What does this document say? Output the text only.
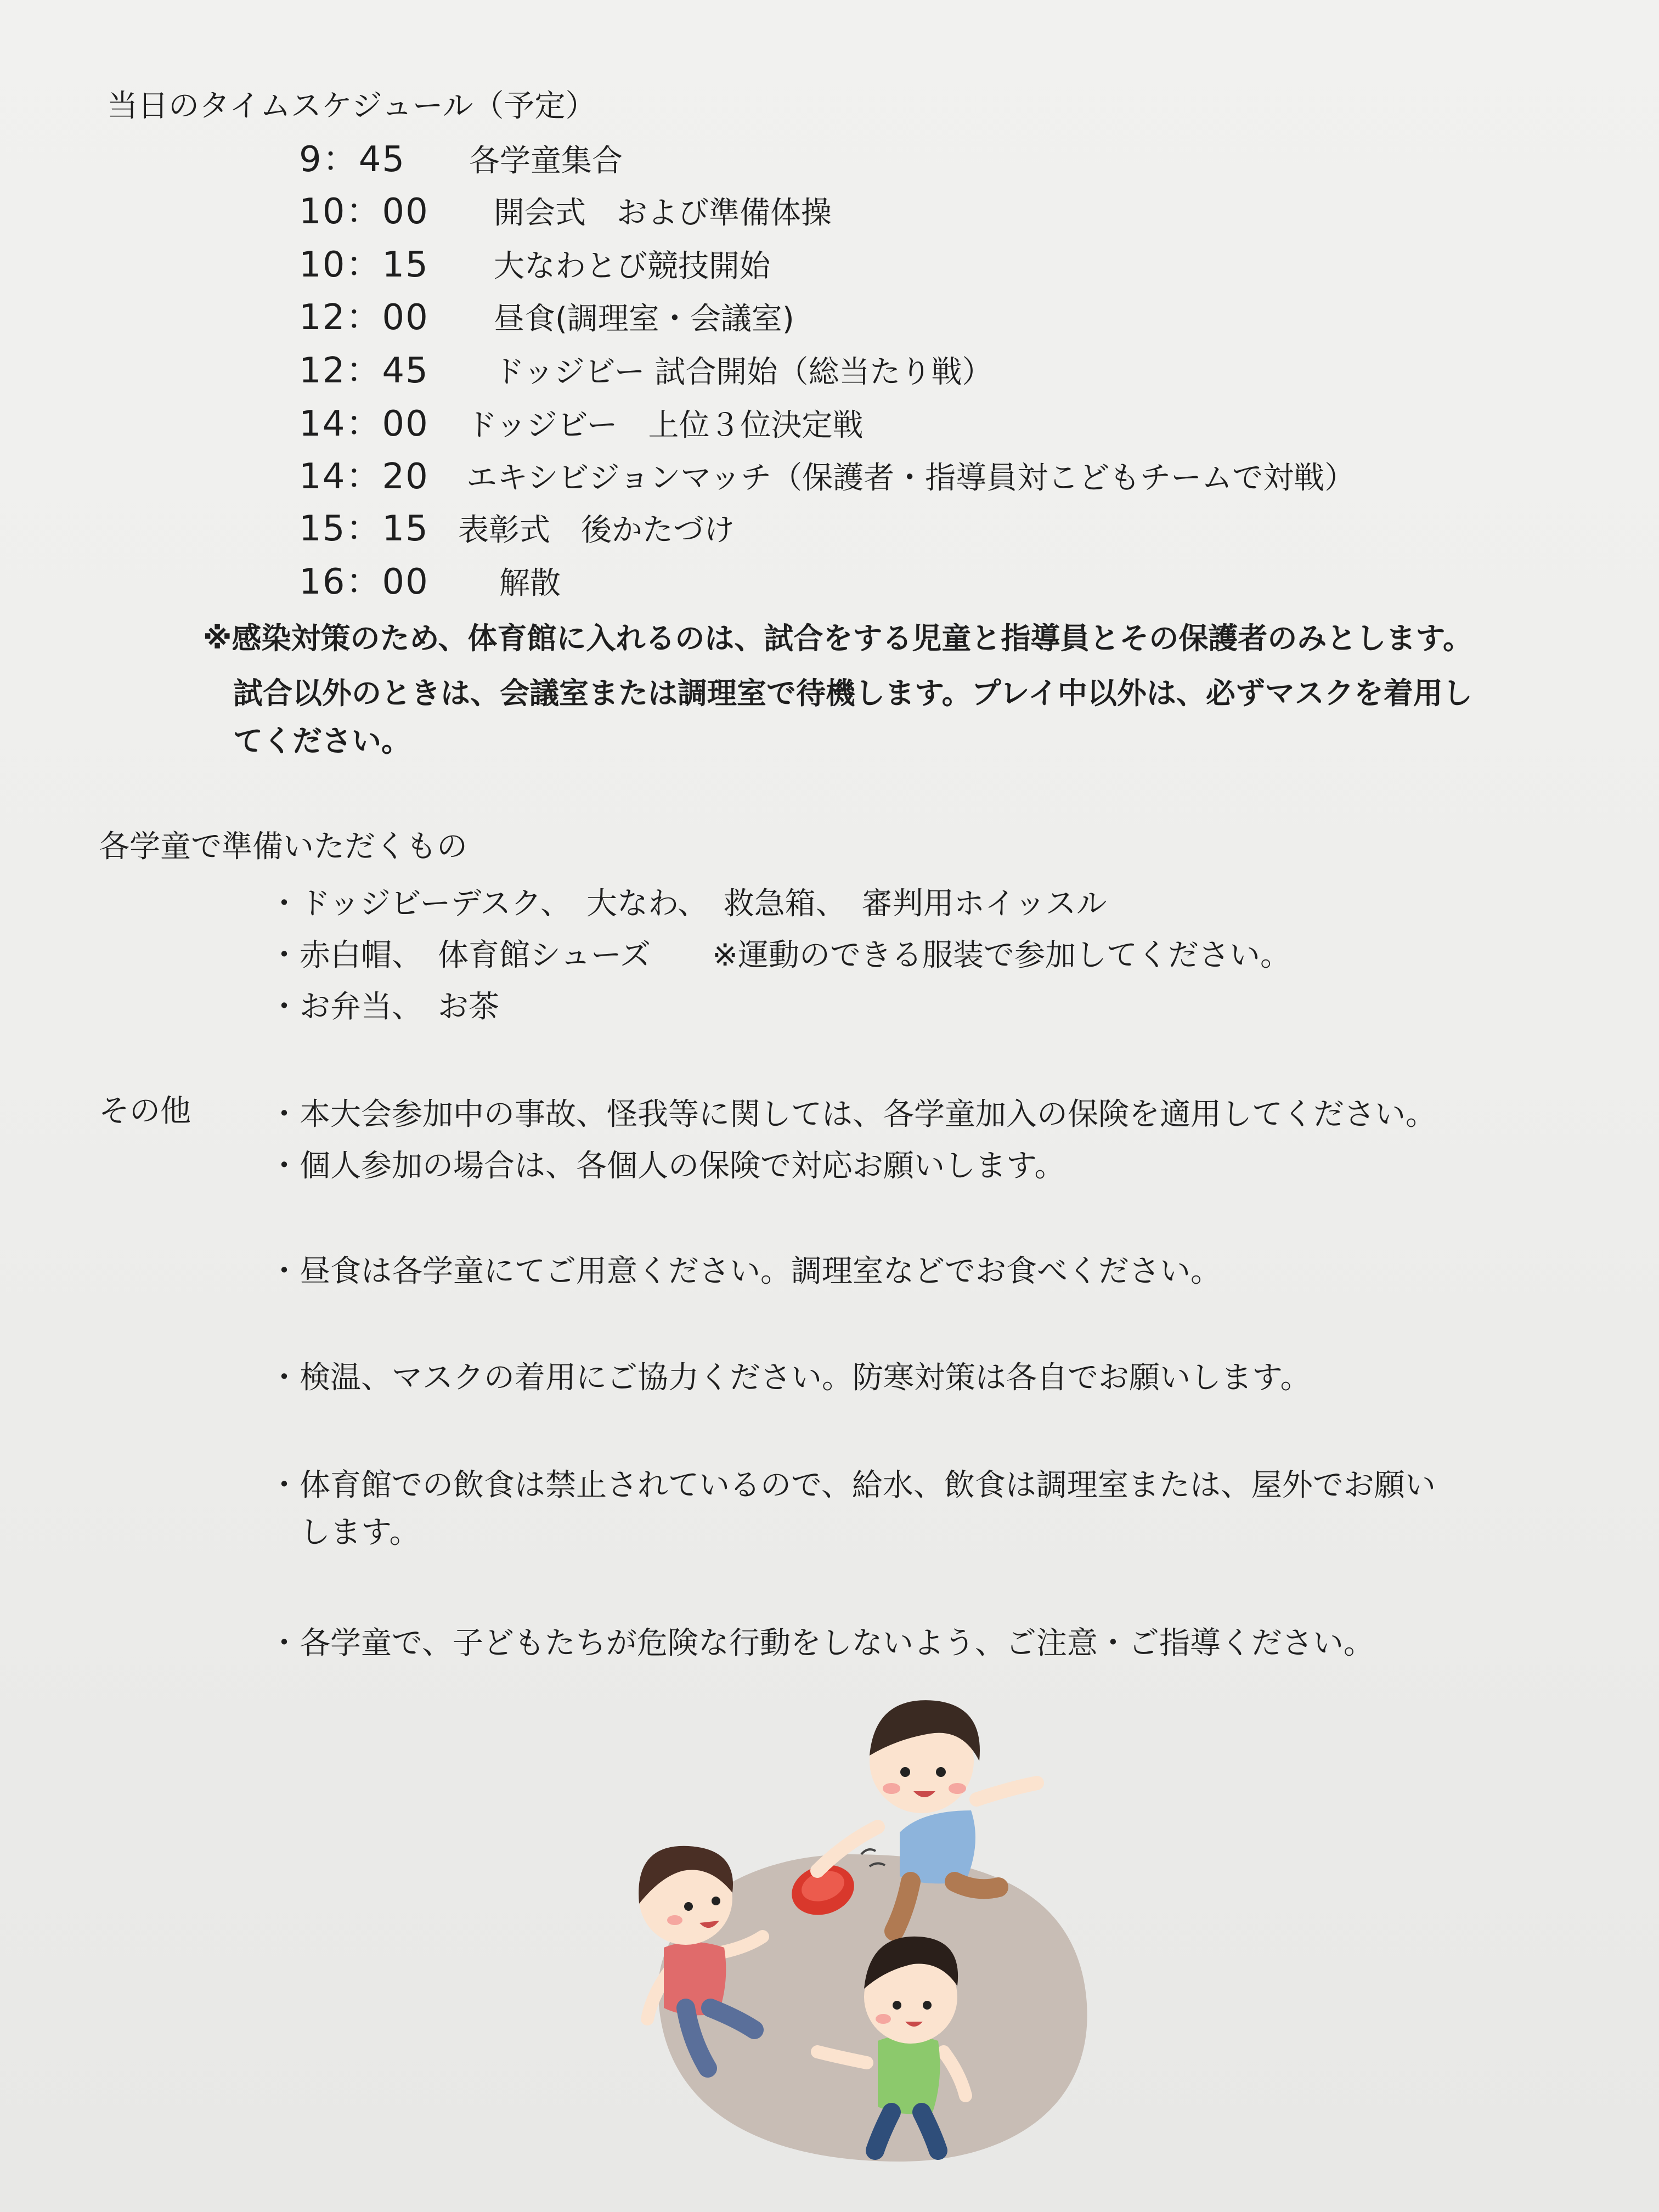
当日のタイムスケジュール（予定）
9：45 各学童集合
10：00 開会式　および準備体操
10：15 大なわとび競技開始
12：00 昼食(調理室・会議室)
12：45 ドッジビー 試合開始（総当たり戦）
14：00 ドッジビー　上位３位決定戦
14：20 エキシビジョンマッチ（保護者・指導員対こどもチームで対戦）
15：15 表彰式　後かたづけ
16：00 解散
※感染対策のため、体育館に入れるのは、試合をする児童と指導員とその保護者のみとします。
試合以外のときは、会議室または調理室で待機します。プレイ中以外は、必ずマスクを着用し
てください。
各学童で準備いただくもの
・ドッジビーデスク、　大なわ、　救急箱、　審判用ホイッスル
・赤白帽、　体育館シューズ　　※運動のできる服装で参加してください。
・お弁当、　お茶
その他	・本大会参加中の事故、怪我等に関しては、各学童加入の保険を適用してください。
・個人参加の場合は、各個人の保険で対応お願いします。
・昼食は各学童にてご用意ください。調理室などでお食べください。
・検温、マスクの着用にご協力ください。防寒対策は各自でお願いします。
・体育館での飲食は禁止されているので、給水、飲食は調理室または、屋外でお願い
　します。
・各学童で、子どもたちが危険な行動をしないよう、ご注意・ご指導ください。
